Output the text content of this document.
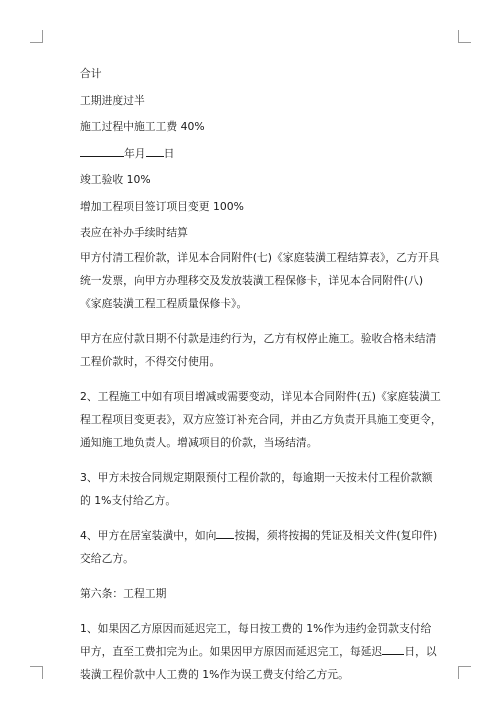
合计
工期进度过半
施工过程中施工工费 40%
年月 日
竣工验收 10%
增加工程项目签订项目变更 100%
表应在补办手续时结算

甲方付清工程价款，详见本合同附件(七)《家庭装潢工程结算表》，乙方开具统一发票，向甲方办理移交及发放装潢工程保修卡，详见本合同附件(八)《家庭装潢工程工程质量保修卡》。

甲方在应付款日期不付款是违约行为，乙方有权停止施工。验收合格未结清工程价款时，不得交付使用。

2、工程施工中如有项目增减或需要变动，详见本合同附件(五)《家庭装潢工程工程项目变更表》，双方应签订补充合同，并由乙方负责开具施工变更令，通知施工地负责人。增减项目的价款，当场结清。

3、甲方未按合同规定期限预付工程价款的，每逾期一天按未付工程价款额的 1%支付给乙方。

4、甲方在居室装潢中，如向 按揭，须将按揭的凭证及相关文件(复印件)交给乙方。

第六条：工程工期

1、如果因乙方原因而延迟完工，每日按工费的 1%作为违约金罚款支付给甲方，直至工费扣完为止。如果因甲方原因而延迟完工，每延迟 日，以装潢工程价款中人工费的 1%作为误工费支付给乙方元。
